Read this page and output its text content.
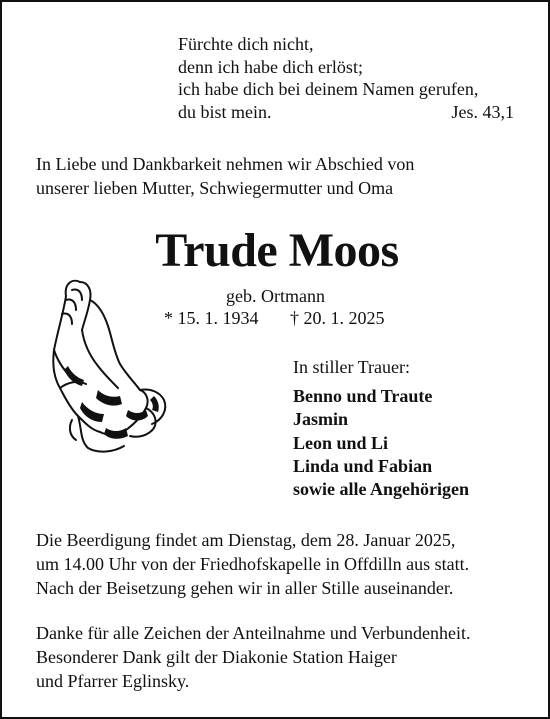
Fürchte dich nicht,
denn ich habe dich erlöst;
ich habe dich bei deinem Namen gerufen,
du bist mein.	Jes. 43,1
In Liebe und Dankbarkeit nehmen wir Abschied von
unserer lieben Mutter, Schwiegermutter und Oma
Trude Moos
geb. Ortmann
* 15. 1. 1934 † 20. 1. 2025
In stiller Trauer:
Benno und Traute
Jasmin
Leon und Li
Linda und Fabian
sowie alle Angehörigen
Die Beerdigung findet am Dienstag, dem 28. Januar 2025,
um 14.00 Uhr von der Friedhofskapelle in Offdilln aus statt.
Nach der Beisetzung gehen wir in aller Stille auseinander.
Danke für alle Zeichen der Anteilnahme und Verbundenheit.
Besonderer Dank gilt der Diakonie Station Haiger
und Pfarrer Eglinsky.
